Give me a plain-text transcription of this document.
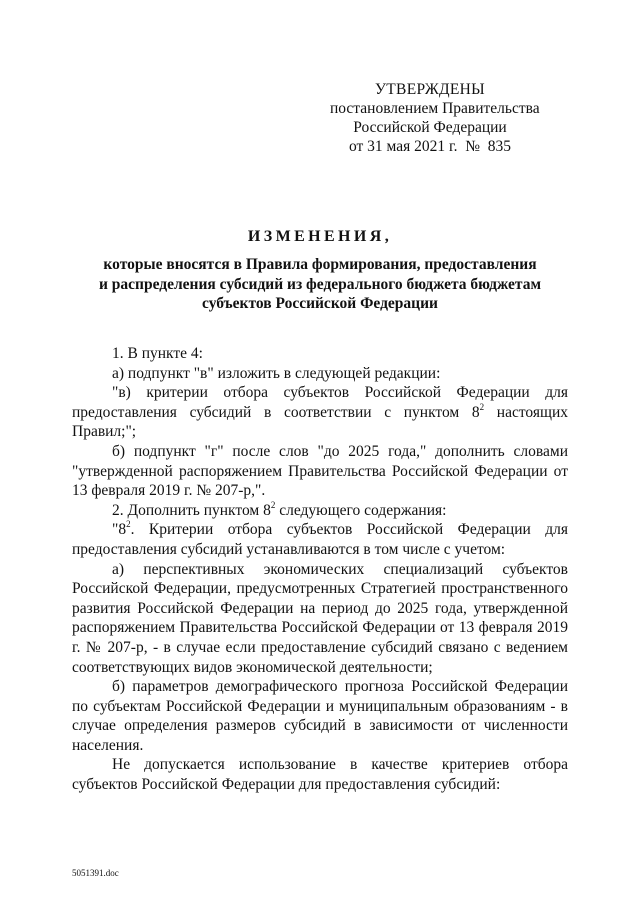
УТВЕРЖДЕНЫ
постановлением Правительства
Российской Федерации
от 31 мая 2021 г. № 835
ИЗМЕНЕНИЯ,
которые вносятся в Правила формирования, предоставления
и распределения субсидий из федерального бюджета бюджетам
субъектов Российской Федерации

1. В пункте 4:

а) подпункт "в" изложить в следующей редакции:

"в) критерии отбора субъектов Российской Федерации для предоставления субсидий в соответствии с пунктом $8^2$ настоящих Правил;";

б) подпункт "г" после слов "до 2025 года," дополнить словами "утвержденной распоряжением Правительства Российской Федерации от 13 февраля 2019 г. № 207-р,".

2. Дополнить пунктом $8^2$ следующего содержания:

"$8^2$. Критерии отбора субъектов Российской Федерации для предоставления субсидий устанавливаются в том числе с учетом:

а) перспективных экономических специализаций субъектов Российской Федерации, предусмотренных Стратегией пространственного развития Российской Федерации на период до 2025 года, утвержденной распоряжением Правительства Российской Федерации от 13 февраля 2019 г. № 207-р, - в случае если предоставление субсидий связано с ведением соответствующих видов экономической деятельности;

б) параметров демографического прогноза Российской Федерации по субъектам Российской Федерации и муниципальным образованиям - в случае определения размеров субсидий в зависимости от численности населения.

Не допускается использование в качестве критериев отбора субъектов Российской Федерации для предоставления субсидий:

5051391.doc
